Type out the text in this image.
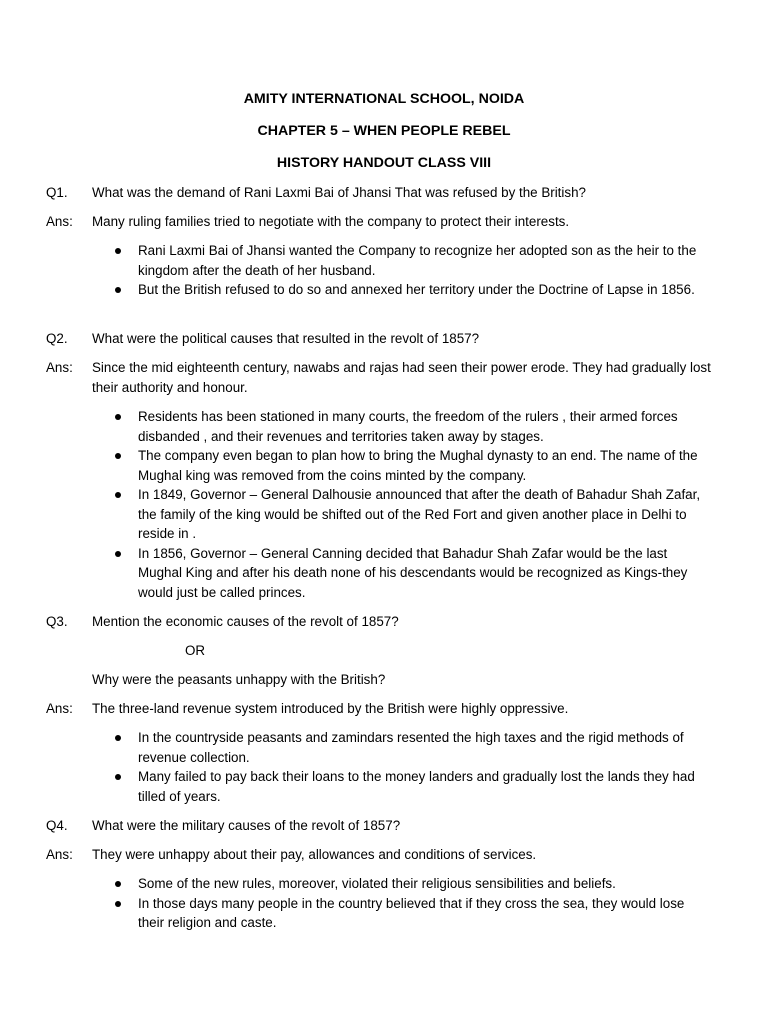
AMITY INTERNATIONAL SCHOOL, NOIDA
CHAPTER 5 – WHEN PEOPLE REBEL
HISTORY HANDOUT CLASS VIII
Q1.	What was the demand of Rani Laxmi Bai of Jhansi That was refused by the British?
Ans:	Many ruling families tried to negotiate with the company to protect their interests.
Rani Laxmi Bai of Jhansi wanted the Company to recognize her adopted son as the heir to the kingdom after the death of her husband.
But the British refused to do so and annexed her territory under the Doctrine of Lapse in 1856.
Q2.	What were the political causes that resulted in the revolt of 1857?
Ans:	Since the mid eighteenth century, nawabs and rajas had seen their power erode. They had gradually lost their authority and honour.
Residents has been stationed in many courts, the freedom of the rulers , their armed forces disbanded , and their revenues and territories taken away by stages.
The company even began to plan how to bring the Mughal dynasty to an end. The name of the Mughal king was removed from the coins minted by the company.
In 1849, Governor – General Dalhousie announced that after the death of Bahadur Shah Zafar, the family of the king would be shifted out of the Red Fort and given another place in Delhi to reside in .
In 1856, Governor – General Canning decided that Bahadur Shah Zafar would be the last Mughal King and after his death none of his descendants would be recognized as Kings-they would just be called princes.
Q3.	Mention the economic causes of the revolt of 1857?
OR
Why were the peasants unhappy with the British?
Ans:	The three-land revenue system introduced by the British were highly oppressive.
In the countryside peasants and zamindars resented the high taxes and the rigid methods of revenue collection.
Many failed to pay back their loans to the money landers and gradually lost the lands they had tilled of years.
Q4.	What were the military causes of the revolt of 1857?
Ans:	They were unhappy about their pay, allowances and conditions of services.
Some of the new rules, moreover, violated their religious sensibilities and beliefs.
In those days many people in the country believed that if they cross the sea, they would lose their religion and caste.
